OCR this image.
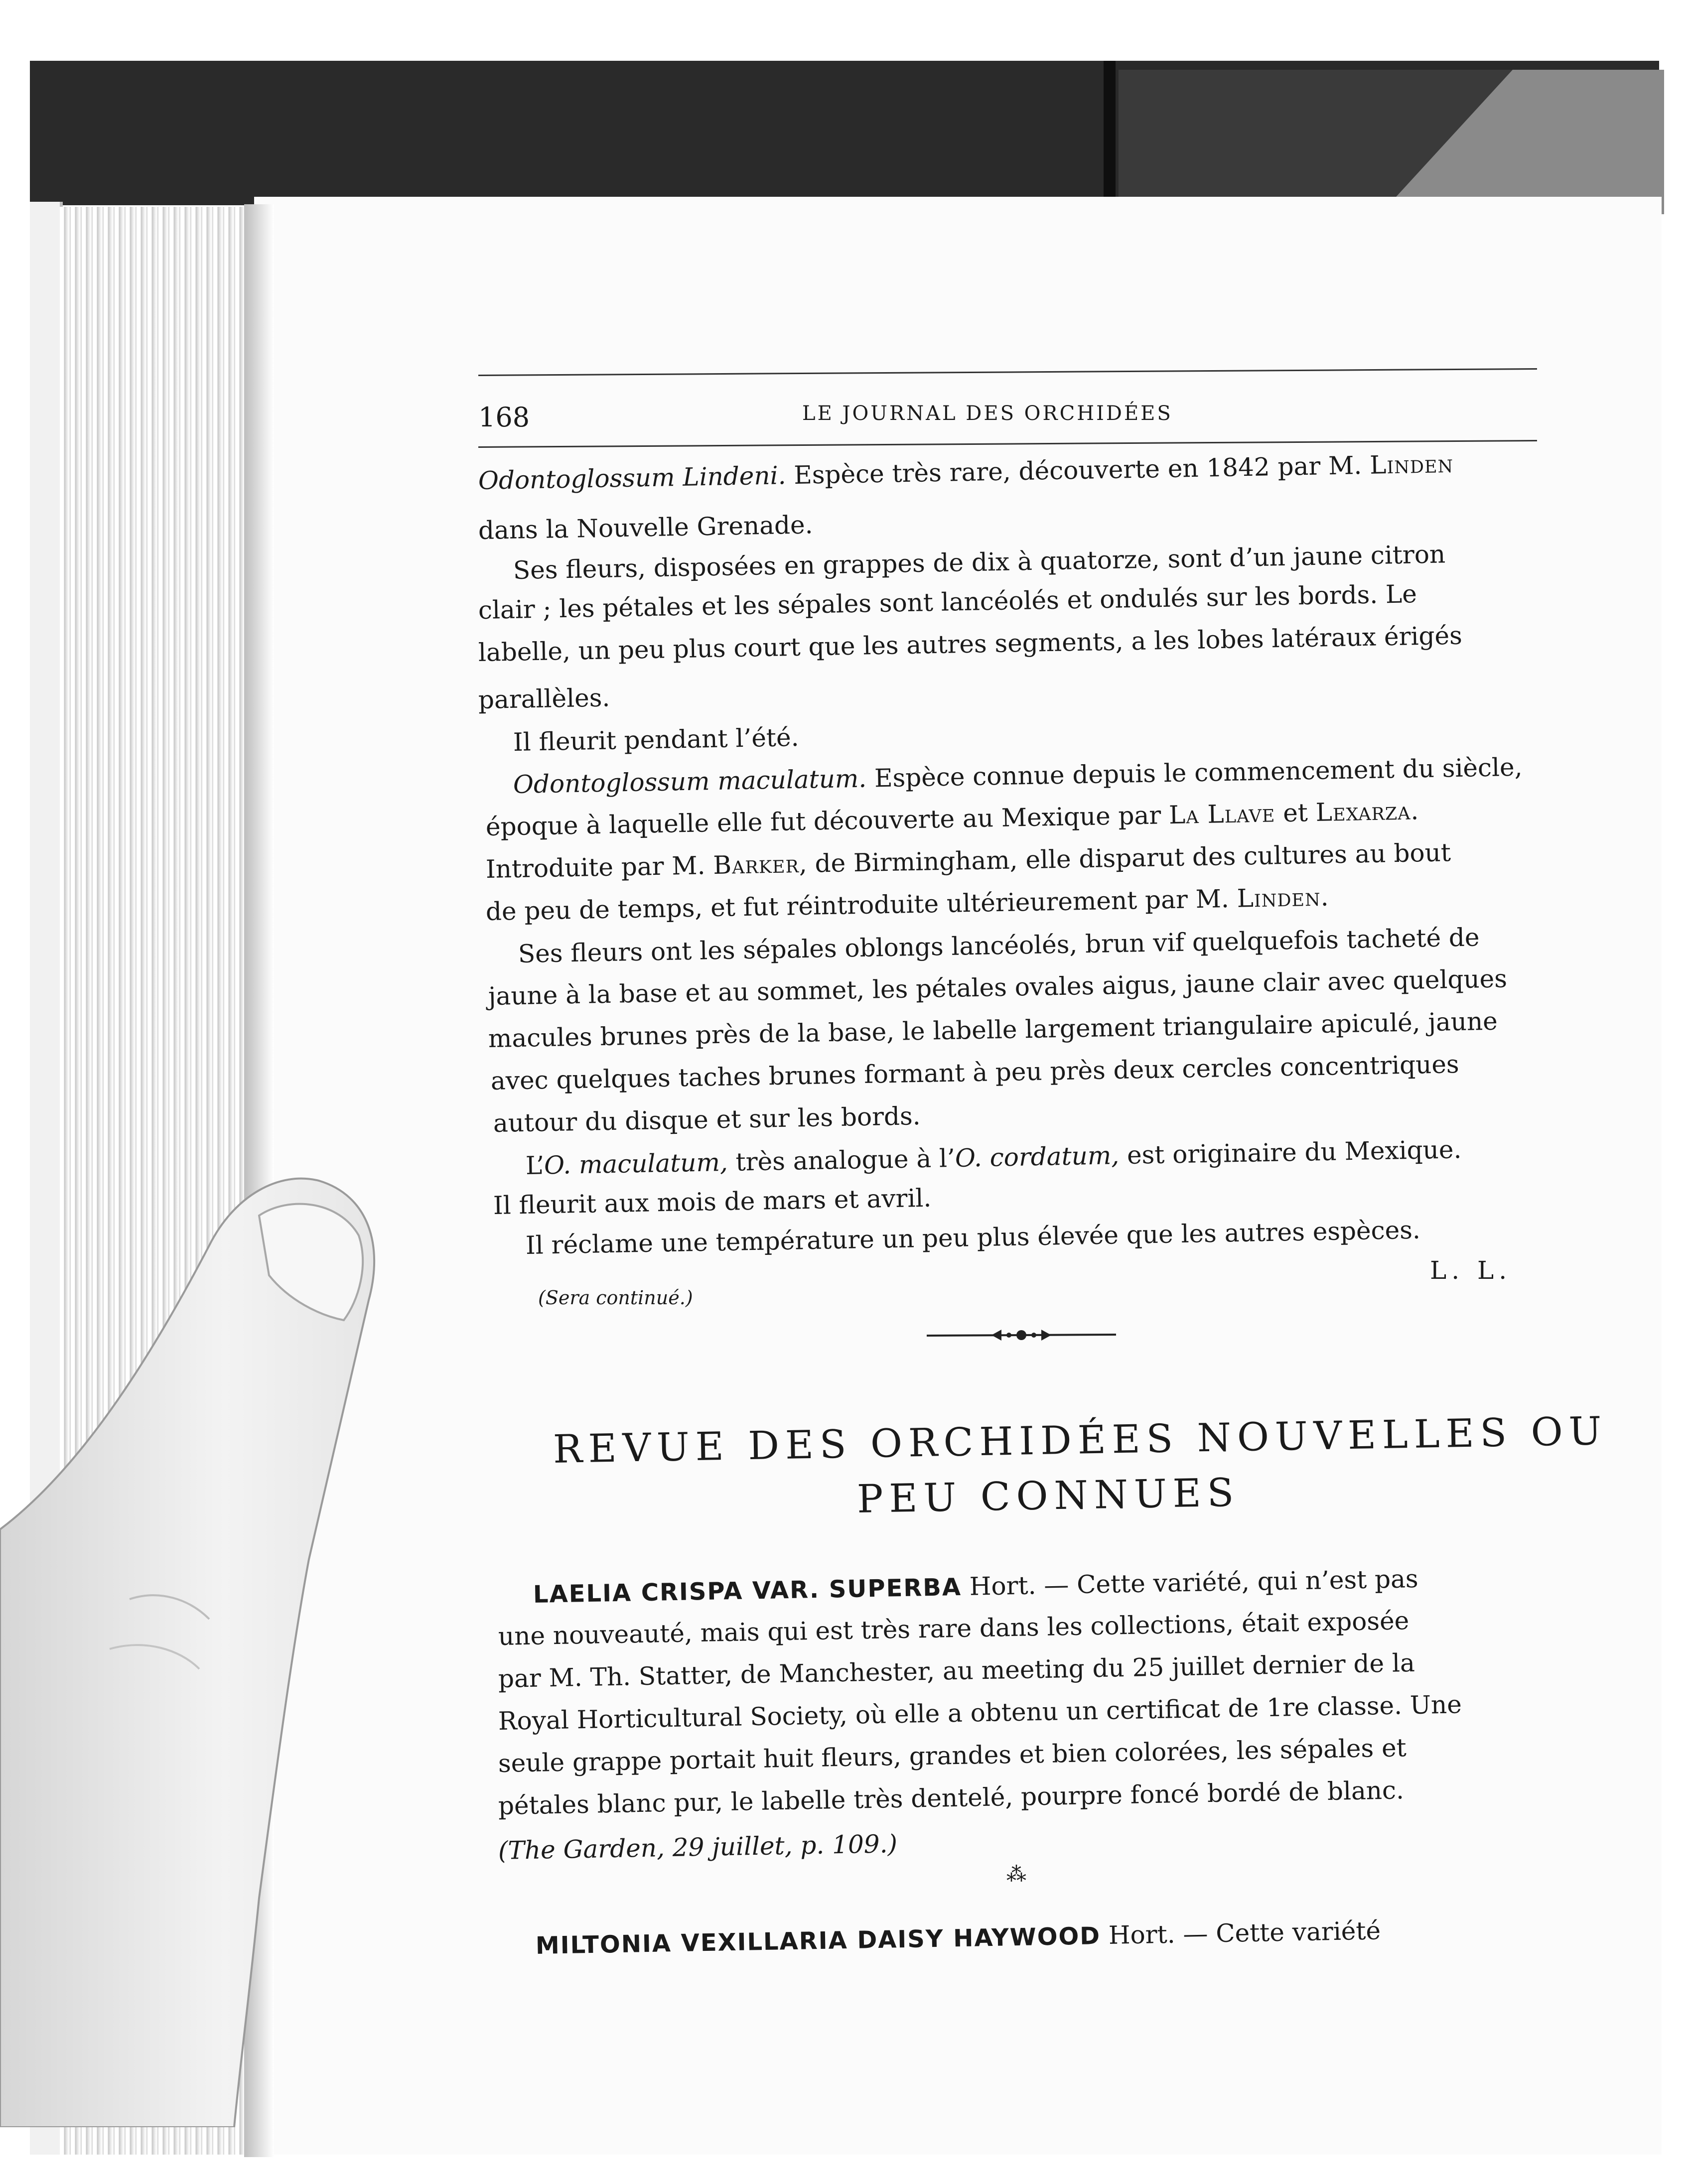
168	LE JOURNAL DES ORCHIDÉES
Odontoglossum Lindeni. Espèce très rare, découverte en 1842 par M. Linden
dans la Nouvelle Grenade.
Ses fleurs, disposées en grappes de dix à quatorze, sont d’un jaune citron
clair ; les pétales et les sépales sont lancéolés et ondulés sur les bords. Le
labelle, un peu plus court que les autres segments, a les lobes latéraux érigés
parallèles.
Il fleurit pendant l’été.
Odontoglossum maculatum. Espèce connue depuis le commencement du siècle,
époque à laquelle elle fut découverte au Mexique par La Llave et Lexarza.
Introduite par M. Barker, de Birmingham, elle disparut des cultures au bout
de peu de temps, et fut réintroduite ultérieurement par M. Linden.
Ses fleurs ont les sépales oblongs lancéolés, brun vif quelquefois tacheté de
jaune à la base et au sommet, les pétales ovales aigus, jaune clair avec quelques
macules brunes près de la base, le labelle largement triangulaire apiculé, jaune
avec quelques taches brunes formant à peu près deux cercles concentriques
autour du disque et sur les bords.
L’O. maculatum, très analogue à l’O. cordatum, est originaire du Mexique.
Il fleurit aux mois de mars et avril.
Il réclame une température un peu plus élevée que les autres espèces.
L. L.
(Sera continué.)
REVUE DES ORCHIDÉES NOUVELLES OU
PEU CONNUES
LAELIA CRISPA VAR. SUPERBA Hort. — Cette variété, qui n’est pas
une nouveauté, mais qui est très rare dans les collections, était exposée
par M. Th. Statter, de Manchester, au meeting du 25 juillet dernier de la
Royal Horticultural Society, où elle a obtenu un certificat de 1re classe. Une
seule grappe portait huit fleurs, grandes et bien colorées, les sépales et
pétales blanc pur, le labelle très dentelé, pourpre foncé bordé de blanc.
(The Garden, 29 juillet, p. 109.)
⁂
MILTONIA VEXILLARIA DAISY HAYWOOD Hort. — Cette variété
